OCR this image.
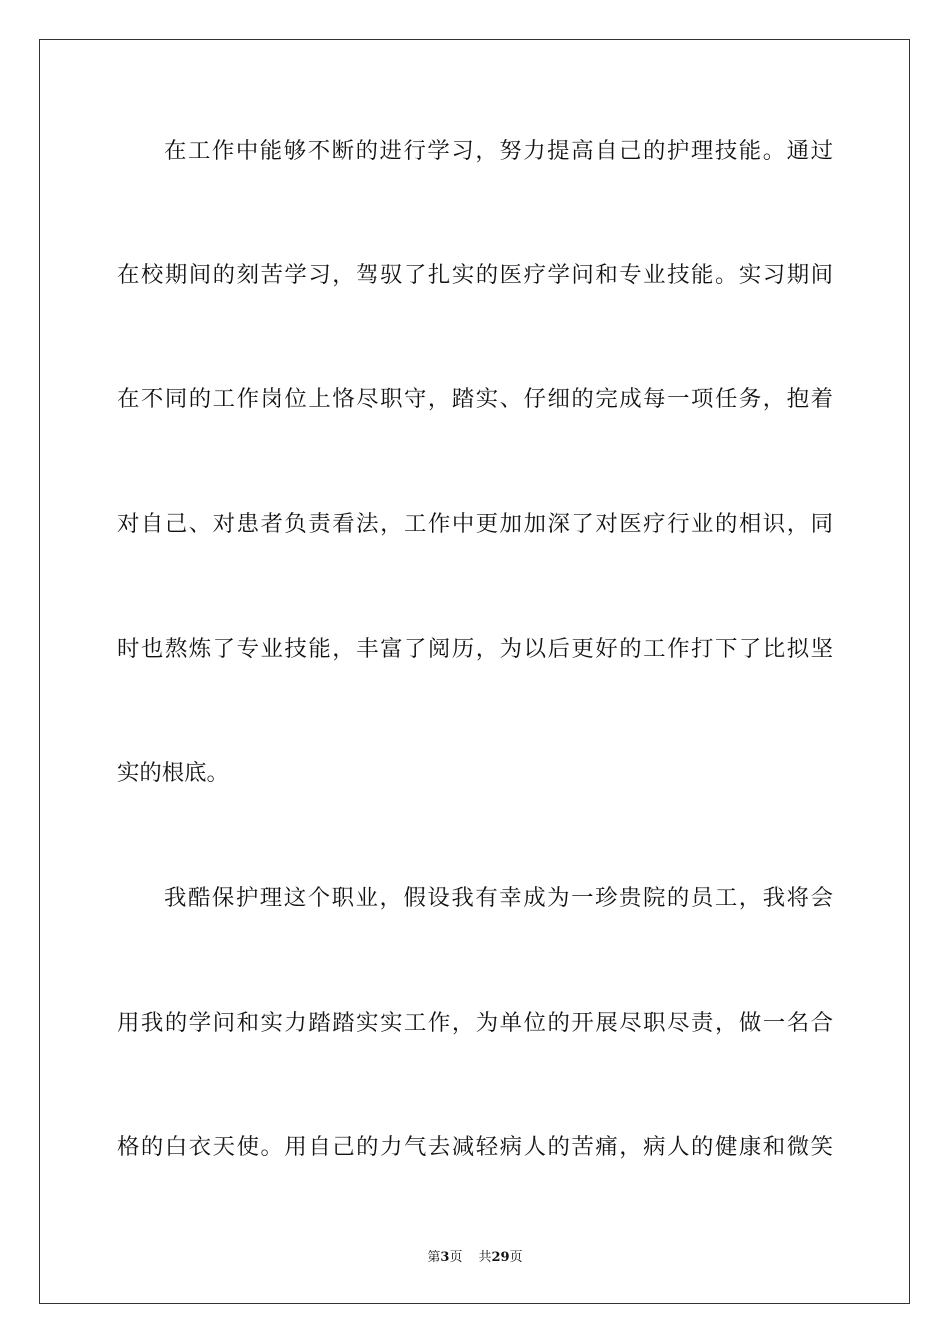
在工作中能够不断的进行学习，努力提高自己的护理技能。通过
在校期间的刻苦学习，驾驭了扎实的医疗学问和专业技能。实习期间
在不同的工作岗位上恪尽职守，踏实、仔细的完成每一项任务，抱着
对自己、对患者负责看法，工作中更加加深了对医疗行业的相识，同
时也熬炼了专业技能，丰富了阅历，为以后更好的工作打下了比拟坚
实的根底。
我酷保护理这个职业，假设我有幸成为一珍贵院的员工，我将会
用我的学问和实力踏踏实实工作，为单位的开展尽职尽责，做一名合
格的白衣天使。用自己的力气去减轻病人的苦痛，病人的健康和微笑
第3页 共29页
